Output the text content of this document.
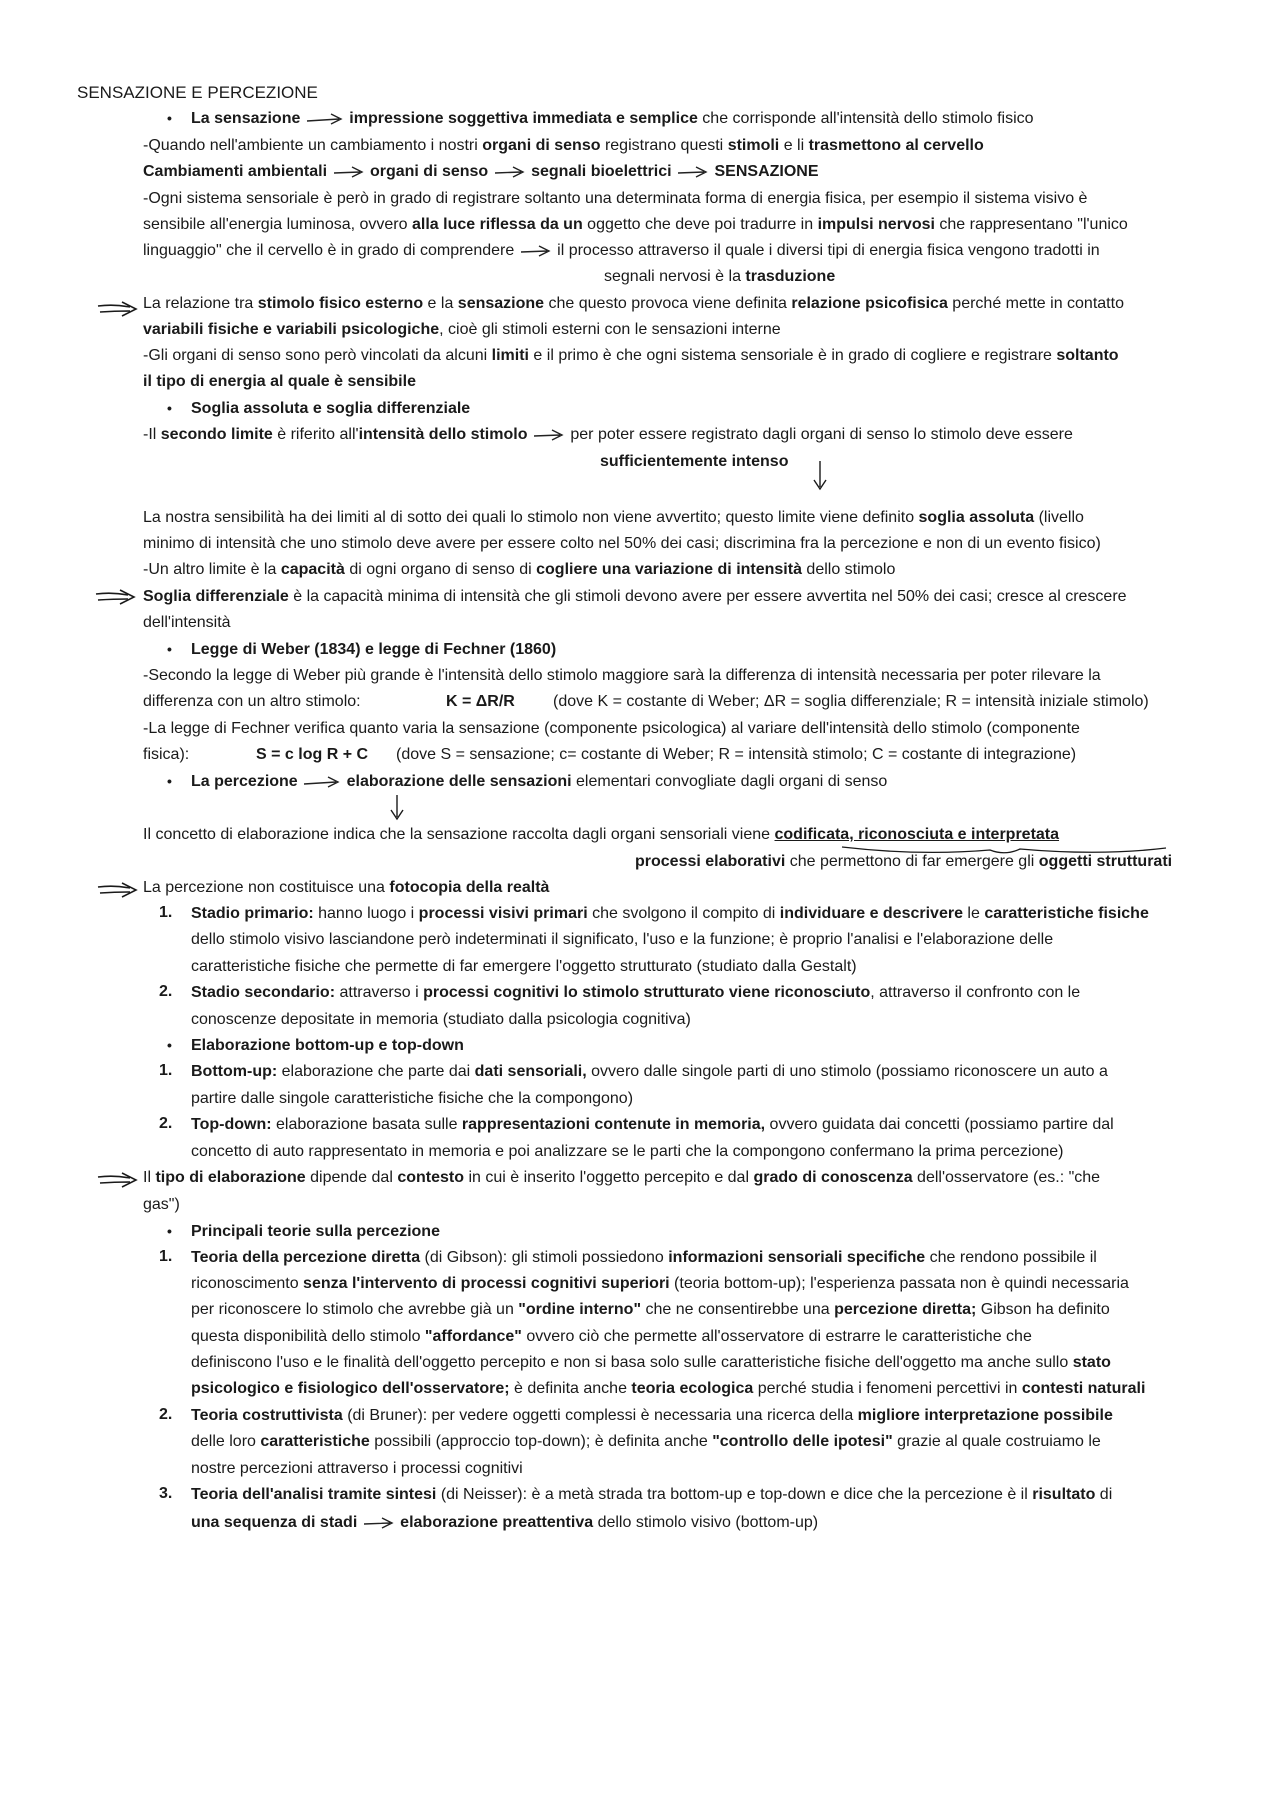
SENSAZIONE E PERCEZIONE
• La sensazione	impressione soggettiva immediata e semplice che corrisponde all'intensità dello stimolo fisico
-Quando nell'ambiente un cambiamento i nostri organi di senso registrano questi stimoli e li trasmettono al cervello
Cambiamenti ambientali	organi di senso	segnali bioelettrici	SENSAZIONE
-Ogni sistema sensoriale è però in grado di registrare soltanto una determinata forma di energia fisica, per esempio il sistema visivo è
sensibile all'energia luminosa, ovvero alla luce riflessa da un oggetto che deve poi tradurre in impulsi nervosi che rappresentano "l'unico
linguaggio" che il cervello è in grado di comprendere	il processo attraverso il quale i diversi tipi di energia fisica vengono tradotti in
segnali nervosi è la trasduzione
La relazione tra stimolo fisico esterno e la sensazione che questo provoca viene definita relazione psicofisica perché mette in contatto
variabili fisiche e variabili psicologiche, cioè gli stimoli esterni con le sensazioni interne
-Gli organi di senso sono però vincolati da alcuni limiti e il primo è che ogni sistema sensoriale è in grado di cogliere e registrare soltanto
il tipo di energia al quale è sensibile
• Soglia assoluta e soglia differenziale
-Il secondo limite è riferito all'intensità dello stimolo	per poter essere registrato dagli organi di senso lo stimolo deve essere
sufficientemente intenso
La nostra sensibilità ha dei limiti al di sotto dei quali lo stimolo non viene avvertito; questo limite viene definito soglia assoluta (livello
minimo di intensità che uno stimolo deve avere per essere colto nel 50% dei casi; discrimina fra la percezione e non di un evento fisico)
-Un altro limite è la capacità di ogni organo di senso di cogliere una variazione di intensità dello stimolo
Soglia differenziale è la capacità minima di intensità che gli stimoli devono avere per essere avvertita nel 50% dei casi; cresce al crescere
dell'intensità
• Legge di Weber (1834) e legge di Fechner (1860)
-Secondo la legge di Weber più grande è l'intensità dello stimolo maggiore sarà la differenza di intensità necessaria per poter rilevare la
differenza con un altro stimolo:	K = ΔR/R (dove K = costante di Weber; ΔR = soglia differenziale; R = intensità iniziale stimolo)
-La legge di Fechner verifica quanto varia la sensazione (componente psicologica) al variare dell'intensità dello stimolo (componente
fisica):	S = c log R + C (dove S = sensazione; c= costante di Weber; R = intensità stimolo; C = costante di integrazione)
• La percezione	elaborazione delle sensazioni elementari convogliate dagli organi di senso
Il concetto di elaborazione indica che la sensazione raccolta dagli organi sensoriali viene codificata, riconosciuta e interpretata
processi elaborativi che permettono di far emergere gli oggetti strutturati
La percezione non costituisce una fotocopia della realtà
1. Stadio primario: hanno luogo i processi visivi primari che svolgono il compito di individuare e descrivere le caratteristiche fisiche
dello stimolo visivo lasciandone però indeterminati il significato, l'uso e la funzione; è proprio l'analisi e l'elaborazione delle
caratteristiche fisiche che permette di far emergere l'oggetto strutturato (studiato dalla Gestalt)
2. Stadio secondario: attraverso i processi cognitivi lo stimolo strutturato viene riconosciuto, attraverso il confronto con le
conoscenze depositate in memoria (studiato dalla psicologia cognitiva)
• Elaborazione bottom-up e top-down
1. Bottom-up: elaborazione che parte dai dati sensoriali, ovvero dalle singole parti di uno stimolo (possiamo riconoscere un auto a
partire dalle singole caratteristiche fisiche che la compongono)
2. Top-down: elaborazione basata sulle rappresentazioni contenute in memoria, ovvero guidata dai concetti (possiamo partire dal
concetto di auto rappresentato in memoria e poi analizzare se le parti che la compongono confermano la prima percezione)
Il tipo di elaborazione dipende dal contesto in cui è inserito l'oggetto percepito e dal grado di conoscenza dell'osservatore (es.: "che
gas")
• Principali teorie sulla percezione
1. Teoria della percezione diretta (di Gibson): gli stimoli possiedono informazioni sensoriali specifiche che rendono possibile il
riconoscimento senza l'intervento di processi cognitivi superiori (teoria bottom-up); l'esperienza passata non è quindi necessaria
per riconoscere lo stimolo che avrebbe già un "ordine interno" che ne consentirebbe una percezione diretta; Gibson ha definito
questa disponibilità dello stimolo "affordance" ovvero ciò che permette all'osservatore di estrarre le caratteristiche che
definiscono l'uso e le finalità dell'oggetto percepito e non si basa solo sulle caratteristiche fisiche dell'oggetto ma anche sullo stato
psicologico e fisiologico dell'osservatore; è definita anche teoria ecologica perché studia i fenomeni percettivi in contesti naturali
2. Teoria costruttivista (di Bruner): per vedere oggetti complessi è necessaria una ricerca della migliore interpretazione possibile
delle loro caratteristiche possibili (approccio top-down); è definita anche "controllo delle ipotesi" grazie al quale costruiamo le
nostre percezioni attraverso i processi cognitivi
3. Teoria dell'analisi tramite sintesi (di Neisser): è a metà strada tra bottom-up e top-down e dice che la percezione è il risultato di
una sequenza di stadi	elaborazione preattentiva dello stimolo visivo (bottom-up)
